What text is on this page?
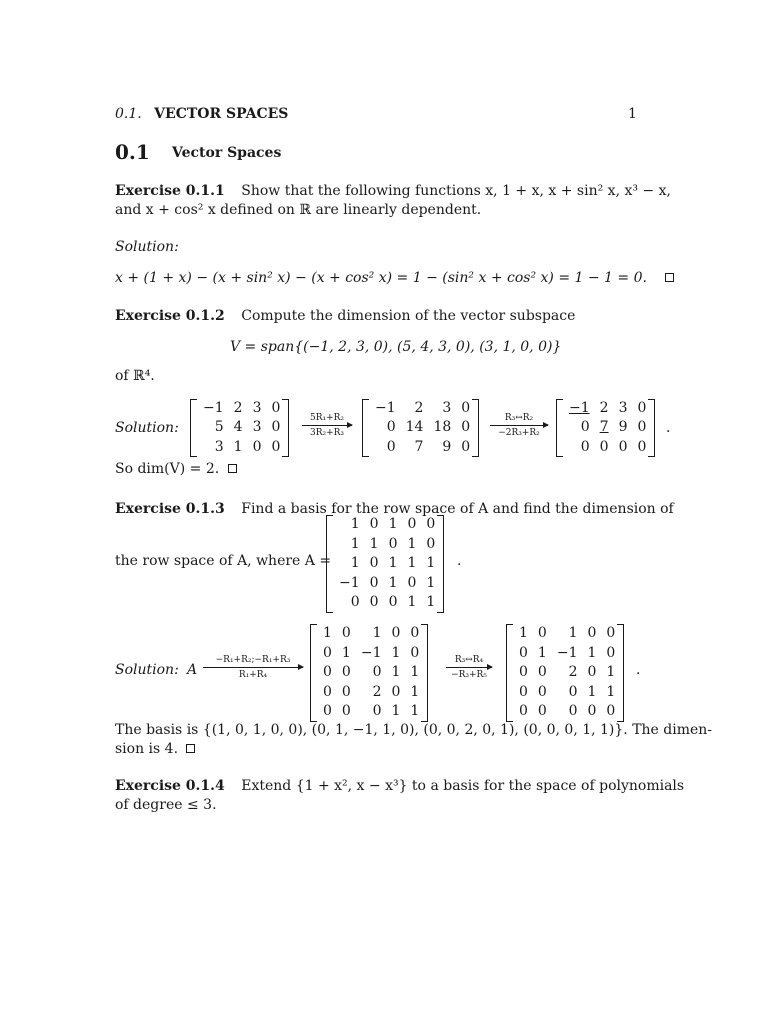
0.1. VECTOR SPACES	1
0.1 Vector Spaces
Exercise 0.1.1 Show that the following functions x, 1 + x, x + sin² x, x³ − x,
and x + cos² x defined on ℝ are linearly dependent.
Solution:
x + (1 + x) − (x + sin² x) − (x + cos² x) = 1 − (sin² x + cos² x) = 1 − 1 = 0.
Exercise 0.1.2 Compute the dimension of the vector subspace
V = span{(−1, 2, 3, 0), (5, 4, 3, 0), (3, 1, 0, 0)}
of ℝ⁴.
Solution:
−1	2	3	0
5	4	3	0
3	1	0	0
5R₁+R₂
3R₂+R₃
−1	2	3	0
0	14	18	0
0	7	9	0
R₃↔R₂
−2R₃+R₂
−1	2	3	0
0	7	9	0
0	0	0	0
.
So dim(V) = 2.
Exercise 0.1.3 Find a basis for the row space of A and find the dimension of
the row space of A, where A =
1	0	1	0	0
1	1	0	1	0
1	0	1	1	1
−1	0	1	0	1
0	0	0	1	1
.
Solution: A
−R₁+R₂;−R₁+R₃
R₁+R₄
1	0	1	0	0
0	1	−1	1	0
0	0	0	1	1
0	0	2	0	1
0	0	0	1	1
R₃↔R₄
−R₃+R₅
1	0	1	0	0
0	1	−1	1	0
0	0	2	0	1
0	0	0	1	1
0	0	0	0	0
.
The basis is {(1, 0, 1, 0, 0), (0, 1, −1, 1, 0), (0, 0, 2, 0, 1), (0, 0, 0, 1, 1)}. The dimen-
sion is 4.
Exercise 0.1.4 Extend {1 + x², x − x³} to a basis for the space of polynomials
of degree ≤ 3.
